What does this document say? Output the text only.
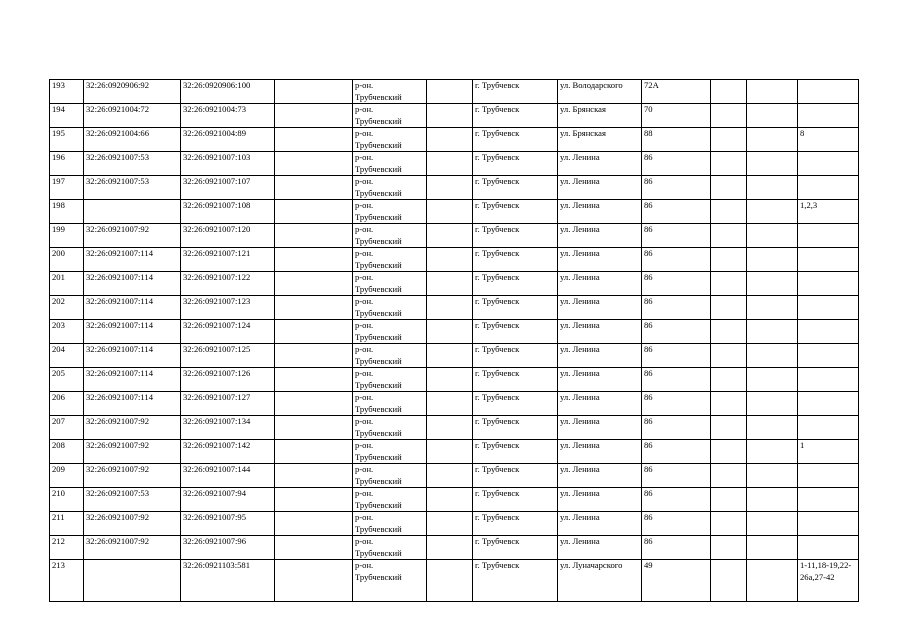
193	32:26:0920906:92	32:26:0920906:100		р-он.
Трубчевский		г. Трубчевск	ул. Володарского	72А			
194	32:26:0921004:72	32:26:0921004:73		р-он.
Трубчевский		г. Трубчевск	ул. Брянская	70			
195	32:26:0921004:66	32:26:0921004:89		р-он.
Трубчевский		г. Трубчевск	ул. Брянская	88			8
196	32:26:0921007:53	32:26:0921007:103		р-он.
Трубчевский		г. Трубчевск	ул. Ленина	86			
197	32:26:0921007:53	32:26:0921007:107		р-он.
Трубчевский		г. Трубчевск	ул. Ленина	86			
198		32:26:0921007:108		р-он.
Трубчевский		г. Трубчевск	ул. Ленина	86			1,2,3
199	32:26:0921007:92	32:26:0921007:120		р-он.
Трубчевский		г. Трубчевск	ул. Ленина	86			
200	32:26:0921007:114	32:26:0921007:121		р-он.
Трубчевский		г. Трубчевск	ул. Ленина	86			
201	32:26:0921007:114	32:26:0921007:122		р-он.
Трубчевский		г. Трубчевск	ул. Ленина	86			
202	32:26:0921007:114	32:26:0921007:123		р-он.
Трубчевский		г. Трубчевск	ул. Ленина	86			
203	32:26:0921007:114	32:26:0921007:124		р-он.
Трубчевский		г. Трубчевск	ул. Ленина	86			
204	32:26:0921007:114	32:26:0921007:125		р-он.
Трубчевский		г. Трубчевск	ул. Ленина	86			
205	32:26:0921007:114	32:26:0921007:126		р-он.
Трубчевский		г. Трубчевск	ул. Ленина	86			
206	32:26:0921007:114	32:26:0921007:127		р-он.
Трубчевский		г. Трубчевск	ул. Ленина	86			
207	32:26:0921007:92	32:26:0921007:134		р-он.
Трубчевский		г. Трубчевск	ул. Ленина	86			
208	32:26:0921007:92	32:26:0921007:142		р-он.
Трубчевский		г. Трубчевск	ул. Ленина	86			1
209	32:26:0921007:92	32:26:0921007:144		р-он.
Трубчевский		г. Трубчевск	ул. Ленина	86			
210	32:26:0921007:53	32:26:0921007:94		р-он.
Трубчевский		г. Трубчевск	ул. Ленина	86			
211	32:26:0921007:92	32:26:0921007:95		р-он.
Трубчевский		г. Трубчевск	ул. Ленина	86			
212	32:26:0921007:92	32:26:0921007:96		р-он.
Трубчевский		г. Трубчевск	ул. Ленина	86			
213		32:26:0921103:581		р-он.
Трубчевский		г. Трубчевск	ул. Луначарского	49			1-11,18-19,22-26а,27-42
